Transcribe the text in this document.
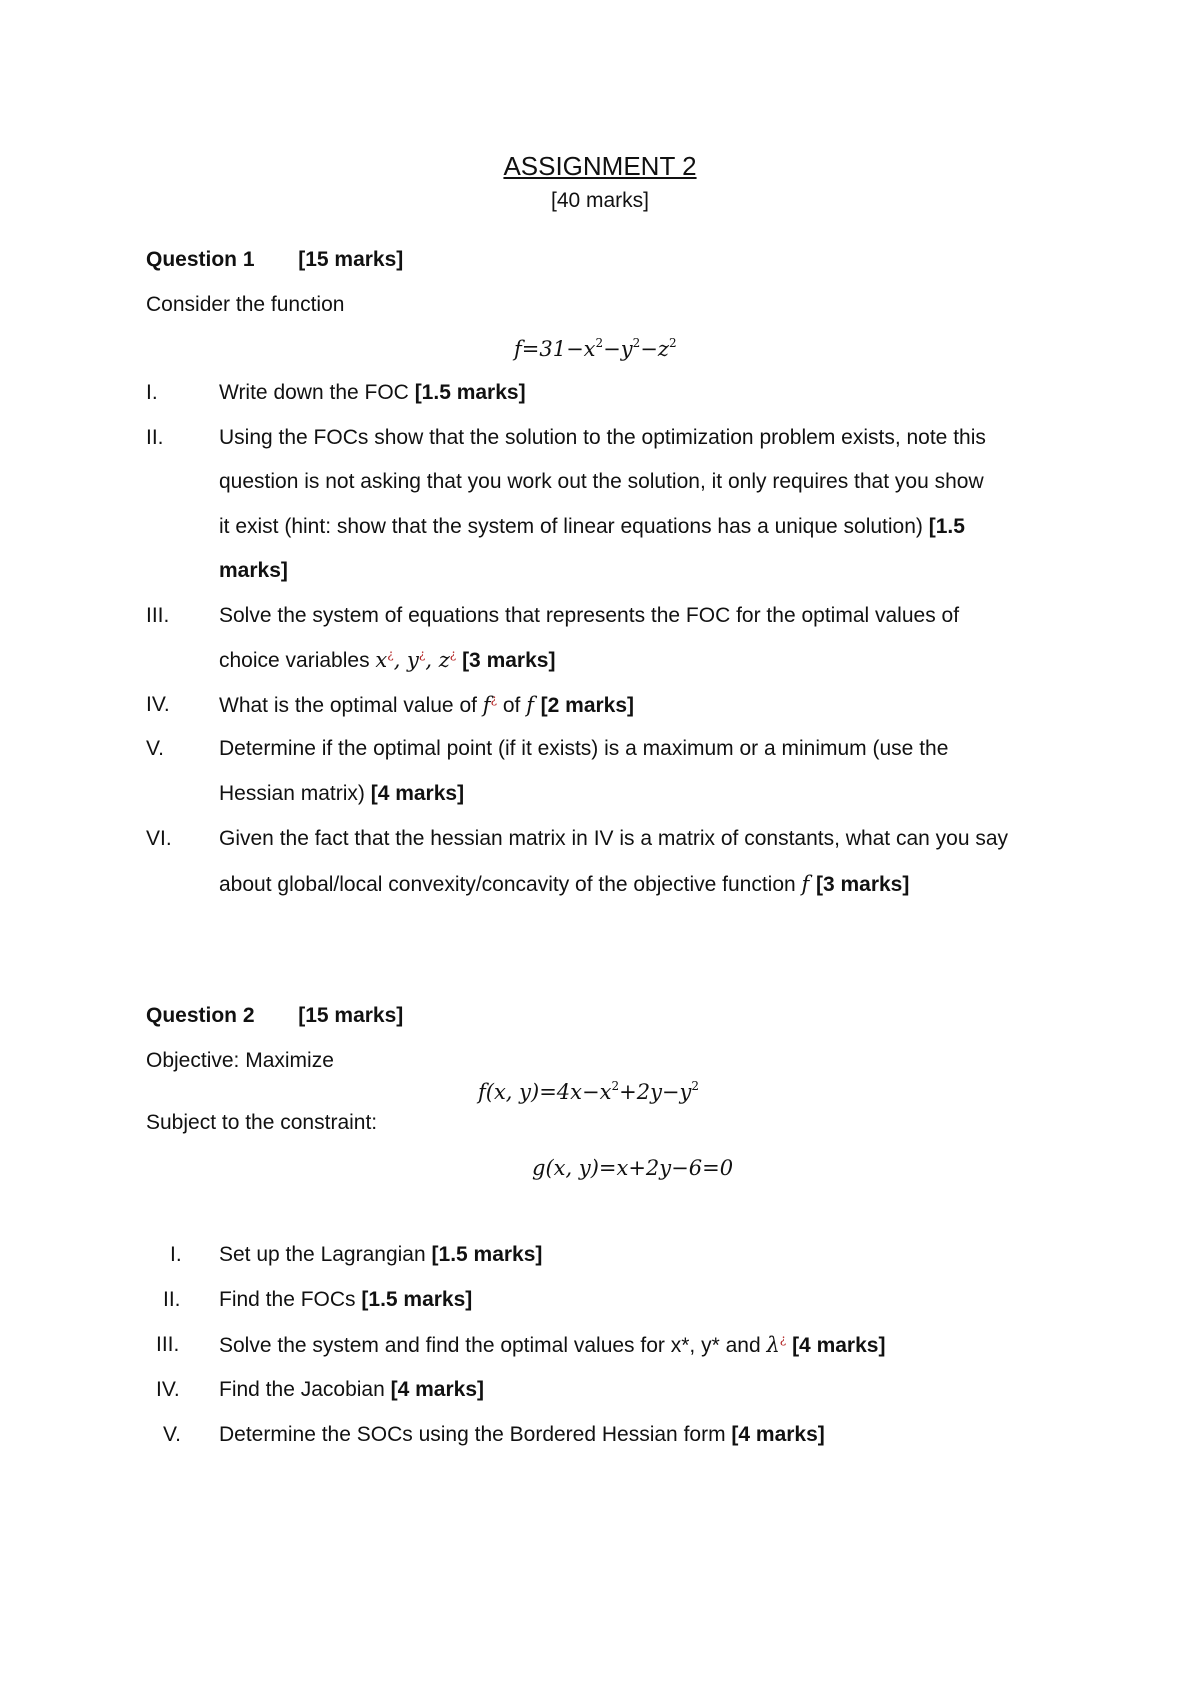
ASSIGNMENT 2
[40 marks]
Question 1 [15 marks]
Consider the function
$f=31-x^2-y^2-z^2$
I.	Write down the FOC [1.5 marks]
II.	Using the FOCs show that the solution to the optimization problem exists, note this
question is not asking that you work out the solution, it only requires that you show
it exist (hint: show that the system of linear equations has a unique solution) [1.5
marks]
III. Solve the system of equations that represents the FOC for the optimal values of
choice variables x¿, y¿, z¿ [3 marks]
IV. What is the optimal value of f¿ of f [2 marks]
V.	Determine if the optimal point (if it exists) is a maximum or a minimum (use the
Hessian matrix) [4 marks]
VI. Given the fact that the hessian matrix in IV is a matrix of constants, what can you say
about global/local convexity/concavity of the objective function f [3 marks]
Question 2 [15 marks]
Objective: Maximize
f(x, $y)=4x-x^2+2y-y^2$
Subject to the constraint:
g(x, y)=x+2y−6=0
I. Set up the Lagrangian [1.5 marks]
II. Find the FOCs [1.5 marks]
III. Solve the system and find the optimal values for x*, y* and λ¿ [4 marks]
IV. Find the Jacobian [4 marks]
V. Determine the SOCs using the Bordered Hessian form [4 marks]
